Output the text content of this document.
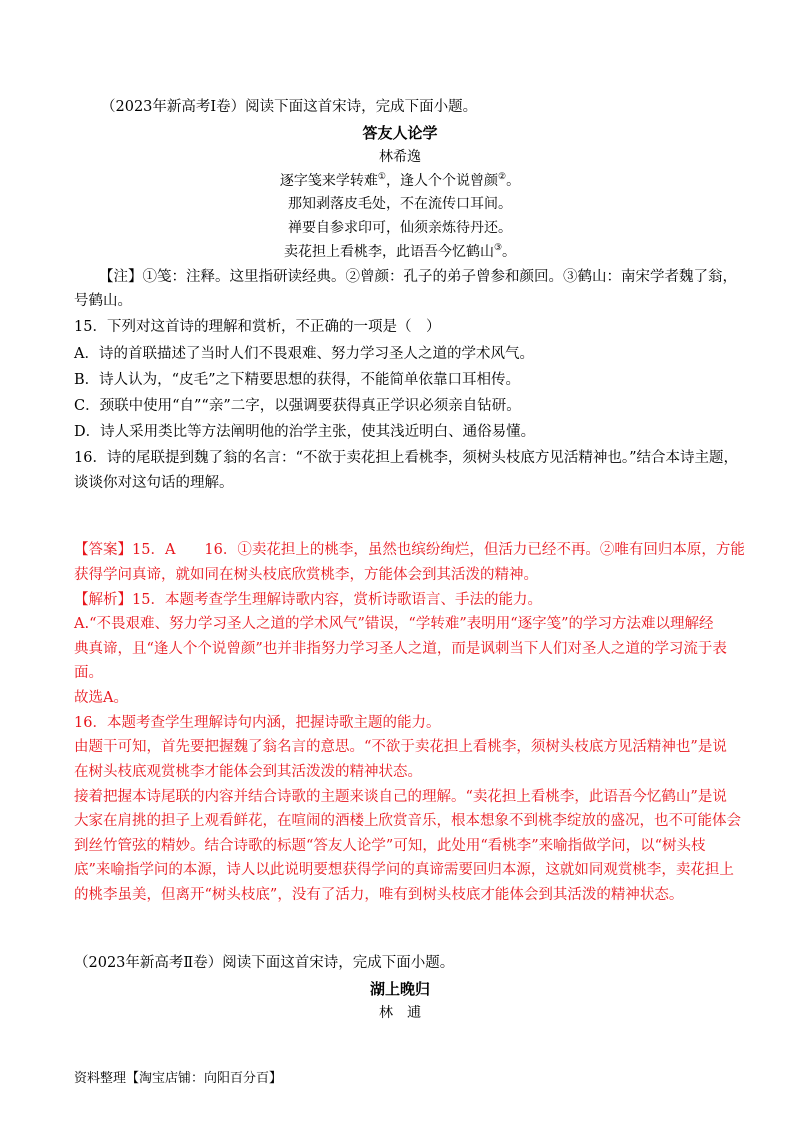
（2023年新高考Ⅰ卷）阅读下面这首宋诗，完成下面小题。
答友人论学
林希逸
逐字笺来学转难①，逢人个个说曾颜②。
那知剥落皮毛处，不在流传口耳间。
禅要自参求印可，仙须亲炼待丹还。
卖花担上看桃李，此语吾今忆鹤山③。
【注】①笺：注释。这里指研读经典。②曾颜：孔子的弟子曾参和颜回。③鹤山：南宋学者魏了翁，
号鹤山。
15．下列对这首诗的理解和赏析，不正确的一项是（　）
A．诗的首联描述了当时人们不畏艰难、努力学习圣人之道的学术风气。
B．诗人认为，“皮毛”之下精要思想的获得，不能简单依靠口耳相传。
C．颈联中使用“自”“亲”二字，以强调要获得真正学识必须亲自钻研。
D．诗人采用类比等方法阐明他的治学主张，使其浅近明白、通俗易懂。
16．诗的尾联提到魏了翁的名言：“不欲于卖花担上看桃李，须树头枝底方见活精神也。”结合本诗主题，
谈谈你对这句话的理解。
【答案】15．A　　16．①卖花担上的桃李，虽然也缤纷绚烂，但活力已经不再。②唯有回归本原，方能
获得学问真谛，就如同在树头枝底欣赏桃李，方能体会到其活泼的精神。
【解析】15．本题考查学生理解诗歌内容，赏析诗歌语言、手法的能力。
A.“不畏艰难、努力学习圣人之道的学术风气”错误，“学转难”表明用“逐字笺”的学习方法难以理解经
典真谛，且“逢人个个说曾颜”也并非指努力学习圣人之道，而是讽刺当下人们对圣人之道的学习流于表
面。
故选A。
16．本题考查学生理解诗句内涵，把握诗歌主题的能力。
由题干可知，首先要把握魏了翁名言的意思。“不欲于卖花担上看桃李，须树头枝底方见活精神也”是说
在树头枝底观赏桃李才能体会到其活泼泼的精神状态。
接着把握本诗尾联的内容并结合诗歌的主题来谈自己的理解。“卖花担上看桃李，此语吾今忆鹤山”是说
大家在肩挑的担子上观看鲜花，在喧闹的酒楼上欣赏音乐，根本想象不到桃李绽放的盛况，也不可能体会
到丝竹管弦的精妙。结合诗歌的标题“答友人论学”可知，此处用“看桃李”来喻指做学问，以“树头枝
底”来喻指学问的本源，诗人以此说明要想获得学问的真谛需要回归本源，这就如同观赏桃李，卖花担上
的桃李虽美，但离开“树头枝底”，没有了活力，唯有到树头枝底才能体会到其活泼的精神状态。
（2023年新高考Ⅱ卷）阅读下面这首宋诗，完成下面小题。
湖上晚归
林　逋
资料整理【淘宝店铺：向阳百分百】
